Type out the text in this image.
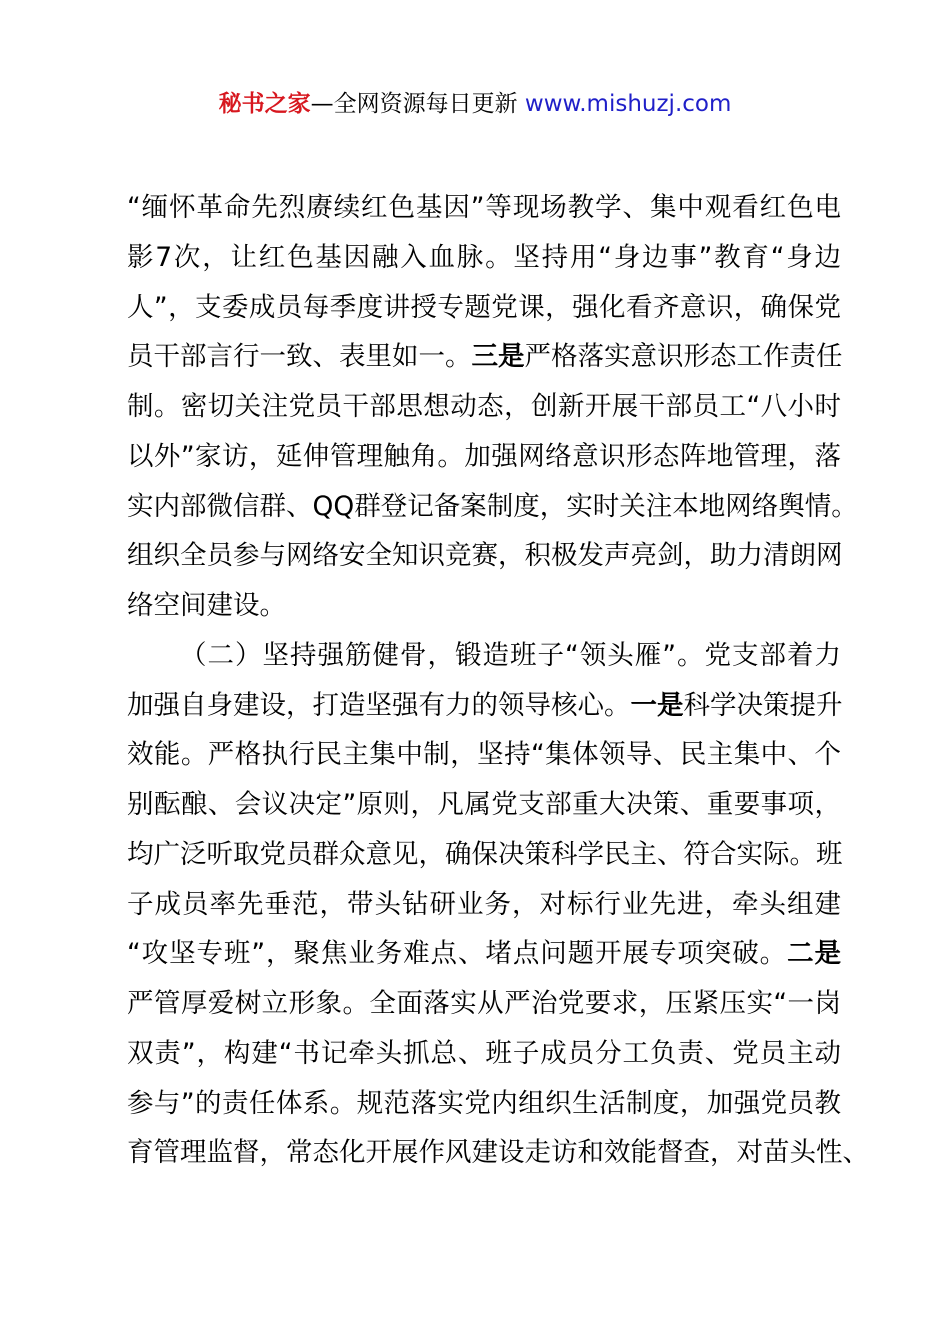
秘书之家—全网资源每日更新 www.mishuzj.com
“缅怀革命先烈赓续红色基因”等现场教学、集中观看红色电
影7次，让红色基因融入血脉。坚持用“身边事”教育“身边
人”，支委成员每季度讲授专题党课，强化看齐意识，确保党
员干部言行一致、表里如一。三是严格落实意识形态工作责任
制。密切关注党员干部思想动态，创新开展干部员工“八小时
以外”家访，延伸管理触角。加强网络意识形态阵地管理，落
实内部微信群、QQ群登记备案制度，实时关注本地网络舆情。
组织全员参与网络安全知识竞赛，积极发声亮剑，助力清朗网
络空间建设。
（二）坚持强筋健骨，锻造班子“领头雁”。党支部着力
加强自身建设，打造坚强有力的领导核心。一是科学决策提升
效能。严格执行民主集中制，坚持“集体领导、民主集中、个
别酝酿、会议决定”原则，凡属党支部重大决策、重要事项，
均广泛听取党员群众意见，确保决策科学民主、符合实际。班
子成员率先垂范，带头钻研业务，对标行业先进，牵头组建
“攻坚专班”，聚焦业务难点、堵点问题开展专项突破。二是
严管厚爱树立形象。全面落实从严治党要求，压紧压实“一岗
双责”，构建“书记牵头抓总、班子成员分工负责、党员主动
参与”的责任体系。规范落实党内组织生活制度，加强党员教
育管理监督，常态化开展作风建设走访和效能督查，对苗头性、
